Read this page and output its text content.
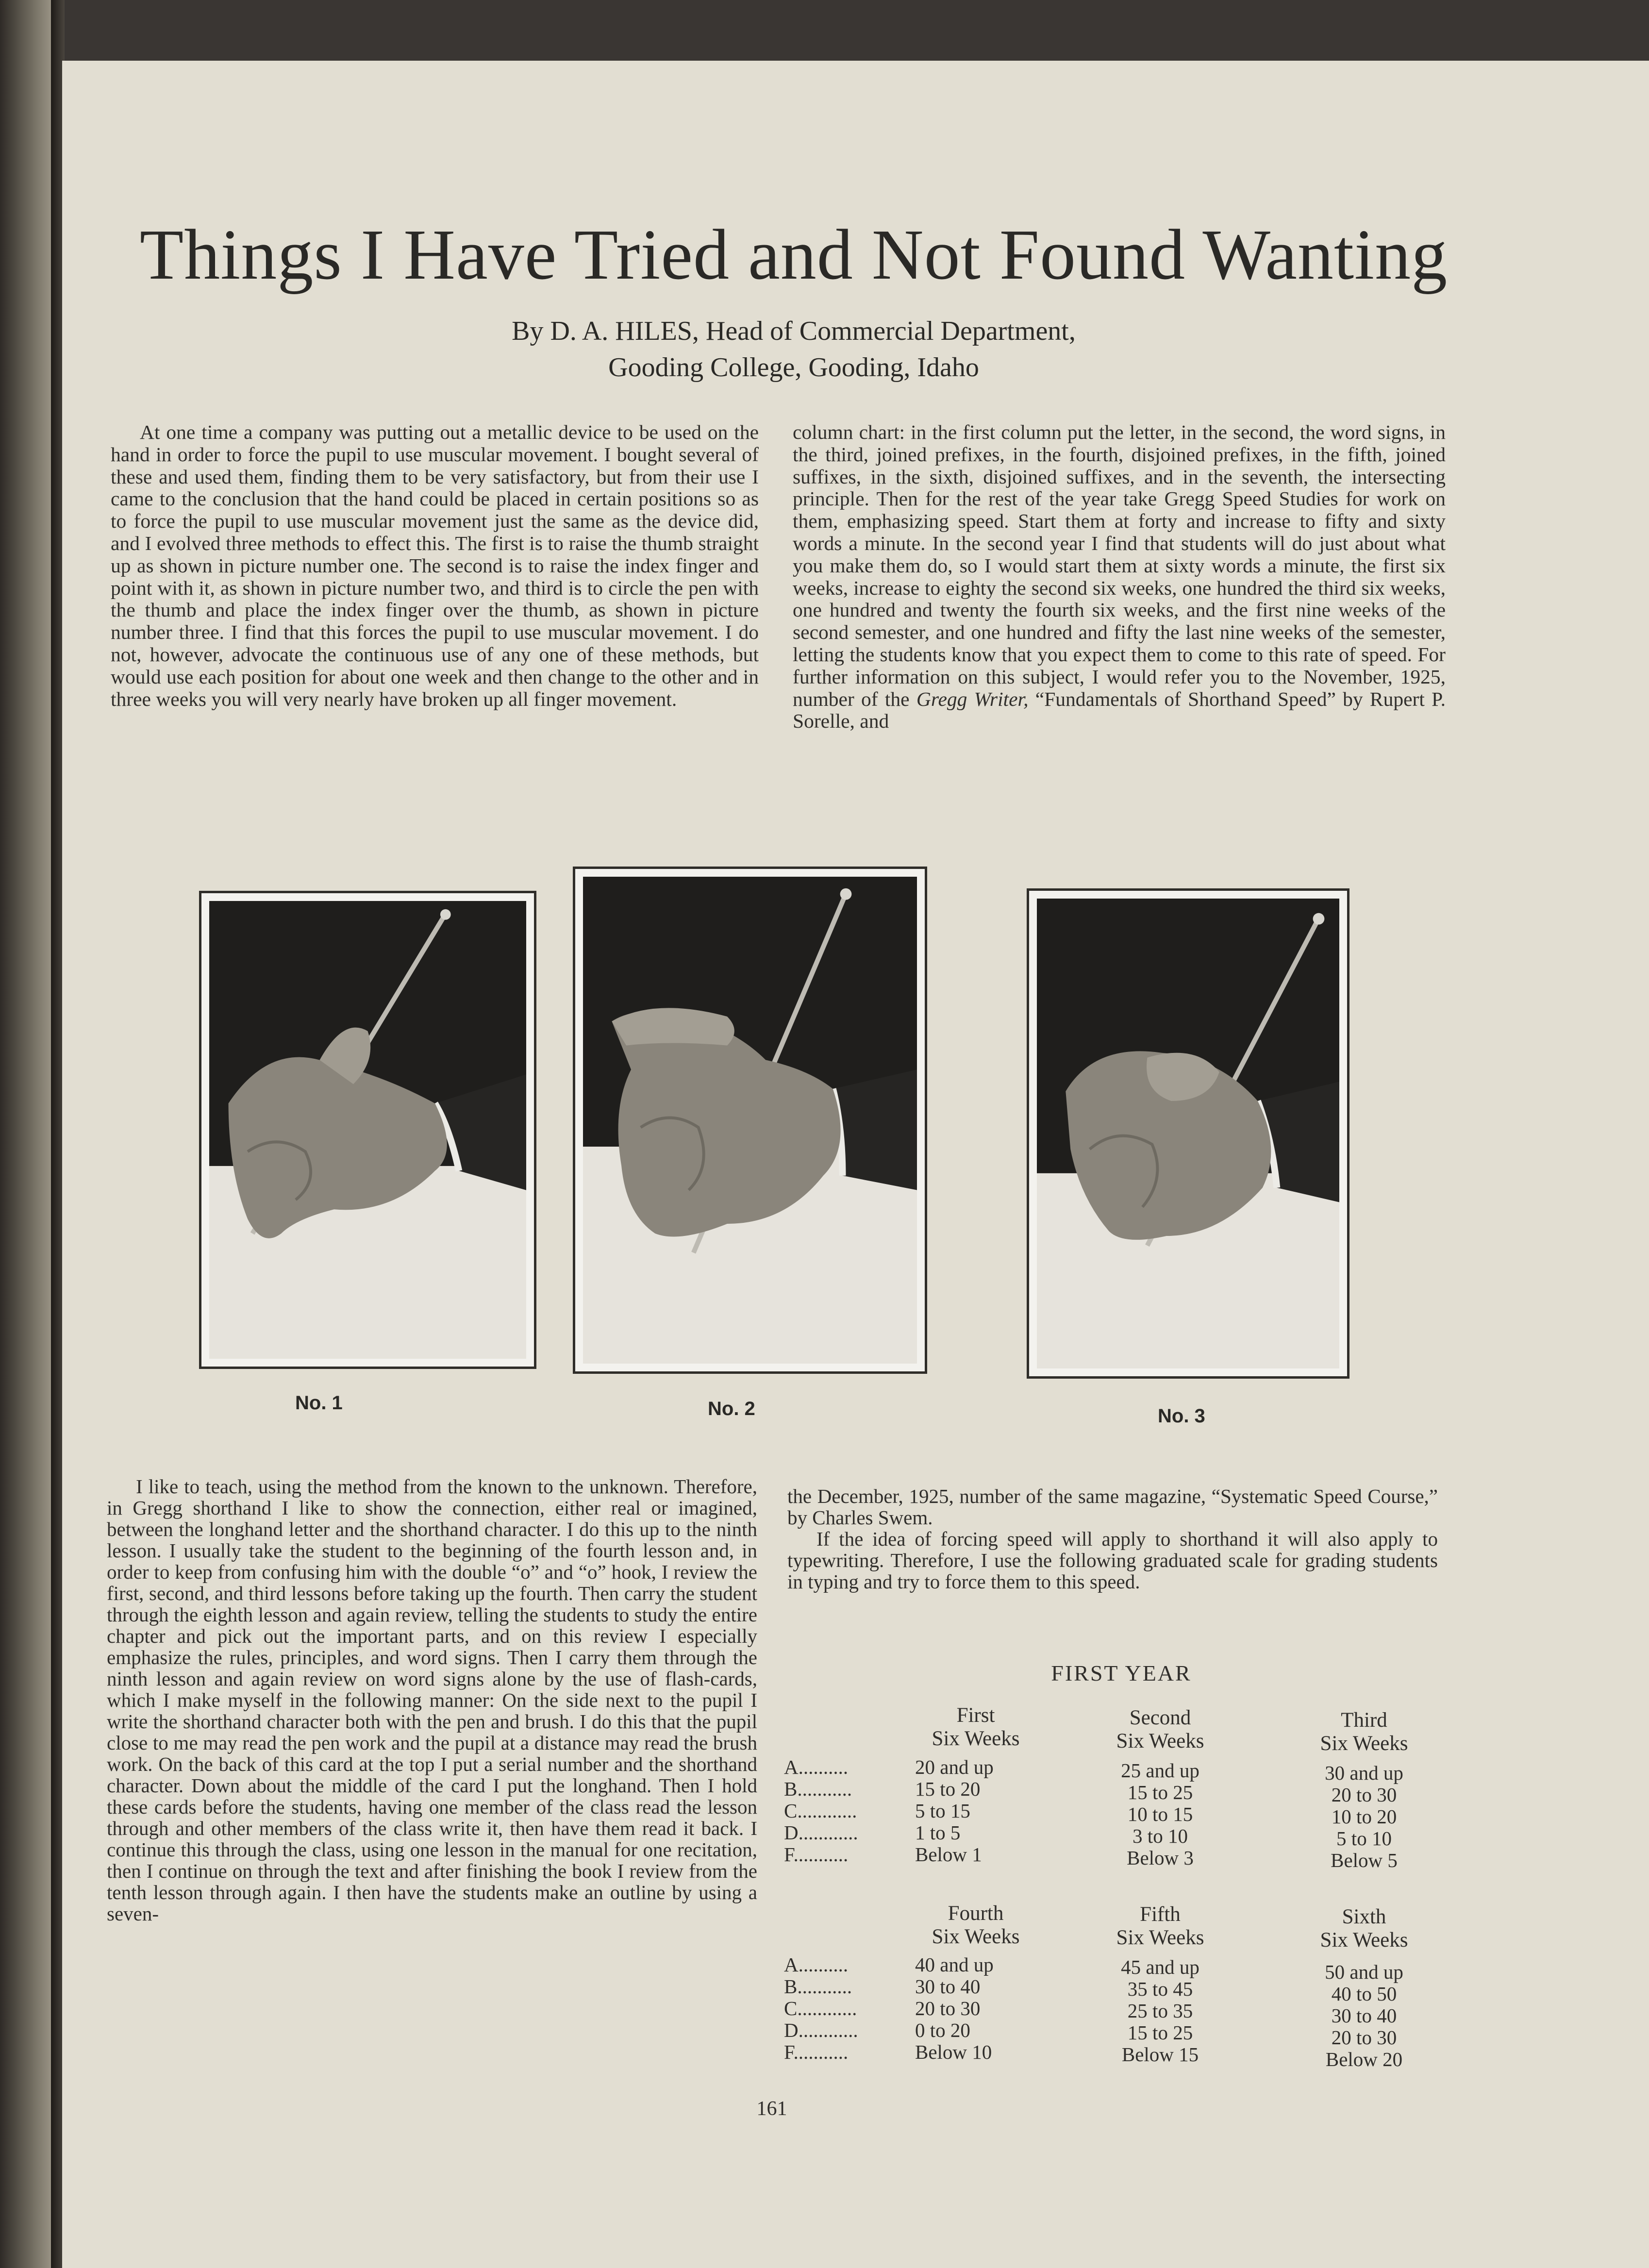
Things I Have Tried and Not Found Wanting
By D. A. HILES, Head of Commercial Department,
Gooding College, Gooding, Idaho

At one time a company was putting out a metallic device to be used on the hand in order to force the pupil to use muscular movement. I bought several of these and used them, finding them to be very satisfactory, but from their use I came to the conclusion that the hand could be placed in certain positions so as to force the pupil to use muscular movement just the same as the device did, and I evolved three methods to effect this. The first is to raise the thumb straight up as shown in picture number one. The second is to raise the index finger and point with it, as shown in picture number two, and third is to circle the pen with the thumb and place the index finger over the thumb, as shown in picture number three. I find that this forces the pupil to use muscular movement. I do not, however, advocate the continuous use of any one of these methods, but would use each position for about one week and then change to the other and in three weeks you will very nearly have broken up all finger movement.

column chart: in the first column put the letter, in the second, the word signs, in the third, joined prefixes, in the fourth, disjoined prefixes, in the fifth, joined suffixes, in the sixth, disjoined suffixes, and in the seventh, the intersecting principle. Then for the rest of the year take Gregg Speed Studies for work on them, emphasizing speed. Start them at forty and increase to fifty and sixty words a minute. In the second year I find that students will do just about what you make them do, so I would start them at sixty words a minute, the first six weeks, increase to eighty the second six weeks, one hundred the third six weeks, one hundred and twenty the fourth six weeks, and the first nine weeks of the second semester, and one hundred and fifty the last nine weeks of the semester, letting the students know that you expect them to come to this rate of speed. For further information on this subject, I would refer you to the November, 1925, number of the Gregg Writer, “Fundamentals of Shorthand Speed” by Rupert P. Sorelle, and

No. 1	No. 2	No. 3

I like to teach, using the method from the known to the unknown. Therefore, in Gregg shorthand I like to show the connection, either real or imagined, between the longhand letter and the shorthand character. I do this up to the ninth lesson. I usually take the student to the beginning of the fourth lesson and, in order to keep from confusing him with the double “o” and “o” hook, I review the first, second, and third lessons before taking up the fourth. Then carry the student through the eighth lesson and again review, telling the students to study the entire chapter and pick out the important parts, and on this review I especially emphasize the rules, principles, and word signs. Then I carry them through the ninth lesson and again review on word signs alone by the use of flash-cards, which I make myself in the following manner: On the side next to the pupil I write the shorthand character both with the pen and brush. I do this that the pupil close to me may read the pen work and the pupil at a distance may read the brush work. On the back of this card at the top I put a serial number and the shorthand character. Down about the middle of the card I put the longhand. Then I hold these cards before the students, having one member of the class read the lesson through and other members of the class write it, then have them read it back. I continue this through the class, using one lesson in the manual for one recitation, then I continue on through the text and after finishing the book I review from the tenth lesson through again. I then have the students make an outline by using a seven-

the December, 1925, number of the same magazine, “Systematic Speed Course,” by Charles Swem.

If the idea of forcing speed will apply to shorthand it will also apply to typewriting. Therefore, I use the following graduated scale for grading students in typing and try to force them to this speed.

FIRST YEAR
First
Six Weeks
Second
Six Weeks
Third
Six Weeks
A..........
B...........
C............
D............
F...........
20 and up
15 to 20
5 to 15
1 to 5
Below 1
25 and up
15 to 25
10 to 15
3 to 10
Below 3
30 and up
20 to 30
10 to 20
5 to 10
Below 5
Fourth
Six Weeks
Fifth
Six Weeks
Sixth
Six Weeks
A..........
B...........
C............
D............
F...........
40 and up
30 to 40
20 to 30
0 to 20
Below 10
45 and up
35 to 45
25 to 35
15 to 25
Below 15
50 and up
40 to 50
30 to 40
20 to 30
Below 20
161
